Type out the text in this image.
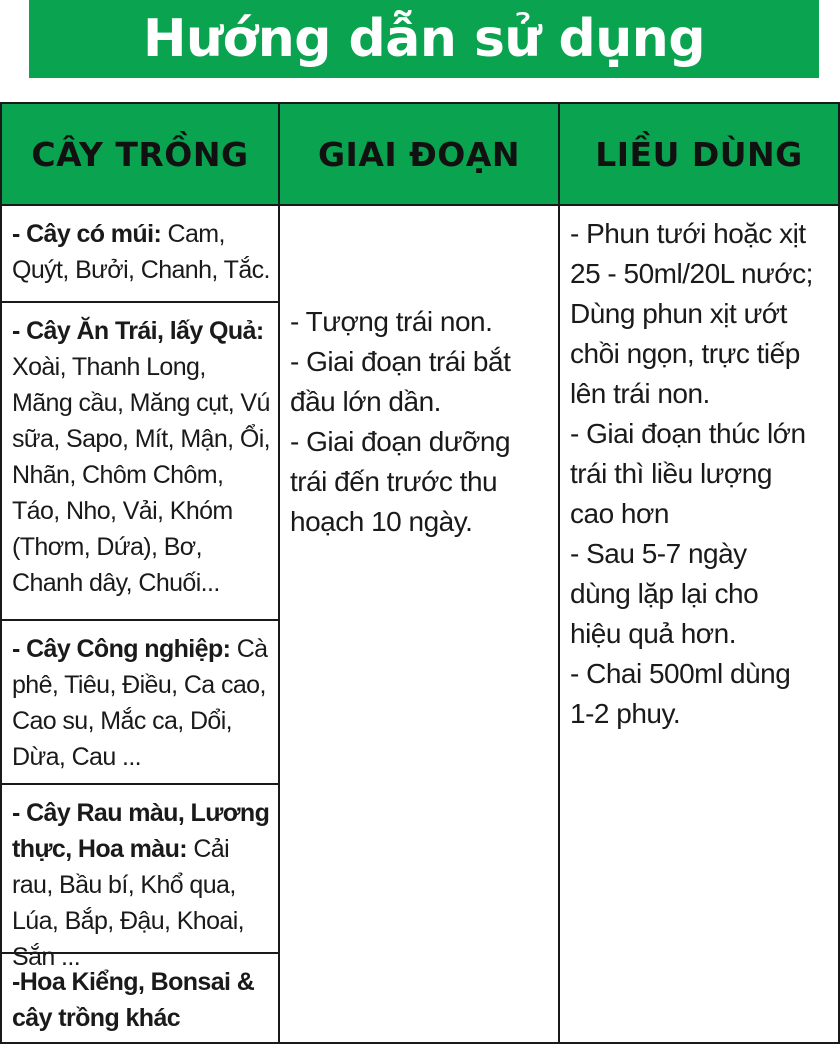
Hướng dẫn sử dụng
CÂY TRỒNG GIAI ĐOẠN LIỀU DÙNG
- Cây có múi: Cam, Quýt, Bưởi, Chanh, Tắc.
- Cây Ăn Trái, lấy Quả: Xoài, Thanh Long, Mãng cầu, Măng cụt, Vú sữa, Sapo, Mít, Mận, Ổi, Nhãn, Chôm Chôm, Táo, Nho, Vải, Khóm (Thơm, Dứa), Bơ, Chanh dây, Chuối...
- Cây Công nghiệp: Cà phê, Tiêu, Điều, Ca cao, Cao su, Mắc ca, Dổi, Dừa, Cau ...
- Cây Rau màu, Lương thực, Hoa màu: Cải rau, Bầu bí, Khổ qua, Lúa, Bắp, Đậu, Khoai, Sắn ...
-Hoa Kiểng, Bonsai & cây trồng khác
- Tượng trái non.
- Giai đoạn trái bắt
đầu lớn dần.
- Giai đoạn dưỡng
trái đến trước thu
hoạch 10 ngày.
- Phun tưới hoặc xịt
25 - 50ml/20L nước;
Dùng phun xịt ướt
chồi ngọn, trực tiếp
lên trái non.
- Giai đoạn thúc lớn
trái thì liều lượng
cao hơn
- Sau 5-7 ngày
dùng lặp lại cho
hiệu quả hơn.
- Chai 500ml dùng
1-2 phuy.
